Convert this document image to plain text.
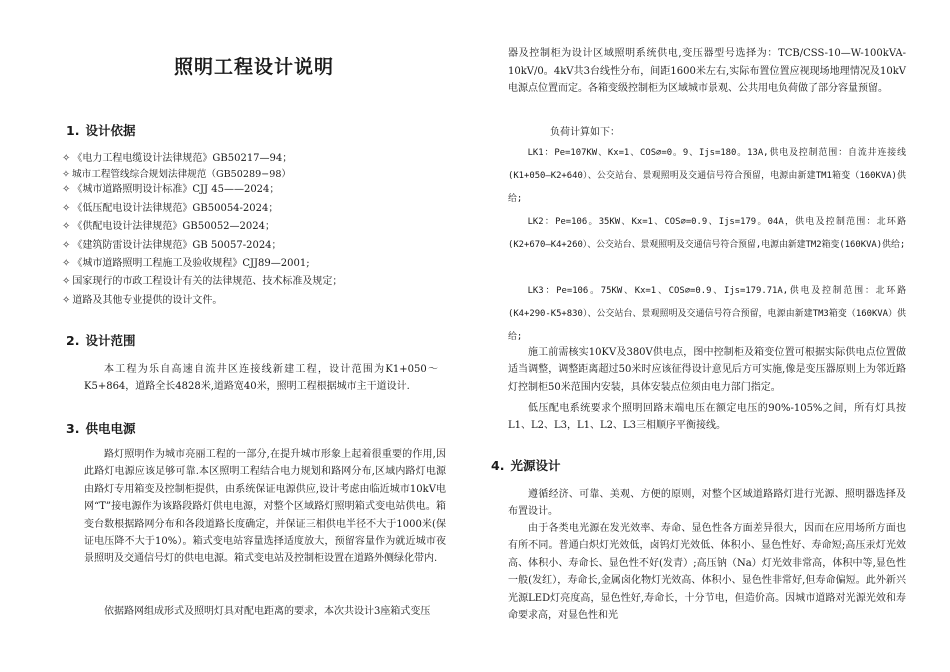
照明工程设计说明
1. 设计依据
✧ 《电力工程电缆设计法律规范》GB50217—94；
✧ 城市工程管线综合规划法律规范（GB50289−98）
✧ 《城市道路照明设计标准》CJJ 45——2024；
✧ 《低压配电设计法律规范》GB50054-2024；
✧ 《供配电设计法律规范》GB50052—2024；
✧ 《建筑防雷设计法律规范》GB 50057-2024；
✧ 《城市道路照明工程施工及验收规程》CJJ89—2001;
✧ 国家现行的市政工程设计有关的法律规范、技术标准及规定；
✧ 道路及其他专业提供的设计文件。
2. 设计范围

本工程为乐自高速自流井区连接线新建工程，设计范围为K1+050～K5+864，道路全长4828米,道路宽40米，照明工程根据城市主干道设计.

3. 供电电源

路灯照明作为城市亮丽工程的一部分,在提升城市形象上起着很重要的作用,因此路灯电源应该足够可靠.本区照明工程结合电力规划和路网分布,区域内路灯电源由路灯专用箱变及控制柜提供，由系统保证电源供应,设计考虑由临近城市10kV电网“T”接电源作为该路段路灯供电电源，对整个区域路灯照明箱式变电站供电。箱变台数根据路网分布和各段道路长度确定，并保证三相供电半径不大于1000米(保证电压降不大于10%）。箱式变电站容量选择适度放大，预留容量作为就近城市夜景照明及交通信号灯的供电电源。箱式变电站及控制柜设置在道路外侧绿化带内.

依据路网组成形式及照明灯具对配电距离的要求，本次共设计3座箱式变压

器及控制柜为设计区域照明系统供电,变压器型号选择为：TCB/CSS-10—W-100kVA-10kV/0。4kV共3台线性分布，间距1600米左右,实际布置位置应视现场地理情况及10kV电源点位置而定。各箱变级控制柜为区域城市景观、公共用电负荷做了部分容量预留。

负荷计算如下：

LK1：Pe=107KW、Kx=1、COS∅=0。9、Ijs=180。13A,供电及控制范围：自流井连接线(K1+050—K2+640）、公交站台、景观照明及交通信号符合预留，电源由新建TM1箱变（160KVA)供给;

LK2：Pe=106。35KW、Kx=1、COS∅=0.9、Ijs=179。04A，供电及控制范围：北环路(K2+670—K4+260）、公交站台、景观照明及交通信号符合预留,电源由新建TM2箱变(160KVA)供给;

LK3：Pe=106。75KW、Kx=1、COS∅=0.9、Ijs=179.71A,供电及控制范围：北环路(K4+290-K5+830）、公交站台、景观照明及交通信号符合预留，电源由新建TM3箱变（160KVA）供给;

施工前需核实10KV及380V供电点，图中控制柜及箱变位置可根据实际供电点位置做适当调整，调整距离超过50米时应该征得设计意见后方可实施,像是变压器原则上为邻近路灯控制柜50米范围内安装，具体安装点位须由电力部门指定。

低压配电系统要求个照明回路末端电压在额定电压的90%-105%之间，所有灯具按L1、L2、L3，L1、L2、L3三相顺序平衡接线。

4. 光源设计

遵循经济、可靠、美观、方便的原则，对整个区域道路路灯进行光源、照明器选择及布置设计。

由于各类电光源在发光效率、寿命、显色性各方面差异很大，因而在应用场所方面也有所不同。普通白炽灯光效低，卤钨灯光效低、体积小、显色性好、寿命短;高压汞灯光效高、体积小、寿命长、显色性不好(发青）;高压钠（Na）灯光效非常高，体积中等,显色性一般(发红），寿命长,金属卤化物灯光效高、体积小、显色性非常好,但寿命偏短。此外新兴光源LED灯亮度高，显色性好,寿命长，十分节电，但造价高。因城市道路对光源光效和寿命要求高，对显色性和光
